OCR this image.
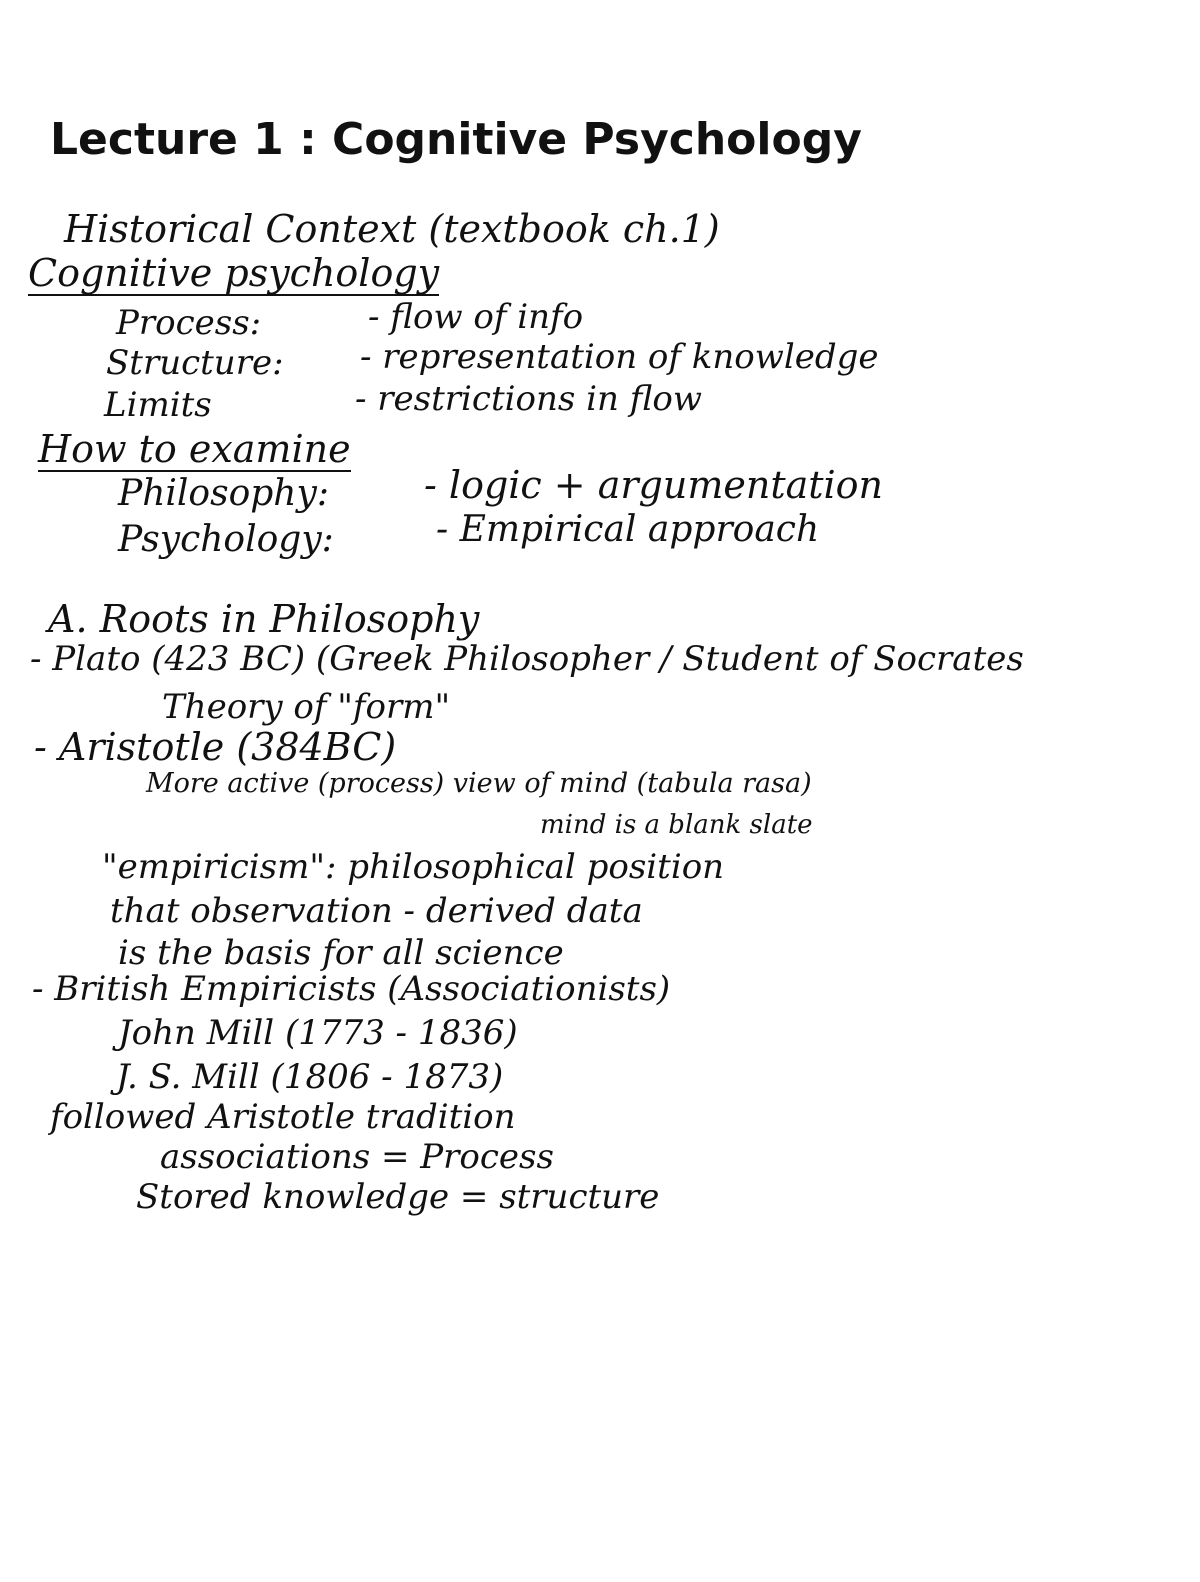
Lecture 1 : Cognitive Psychology
Historical Context (textbook ch.1)
Cognitive psychology
Process:	- flow of info
Structure: - representation of knowledge
Limits	- restrictions in flow
How to examine
Philosophy:	- logic + argumentation
Psychology:	- Empirical approach
A. Roots in Philosophy
- Plato (423 BC) (Greek Philosopher / Student of Socrates
Theory of "form"
- Aristotle (384BC)
More active (process) view of mind (tabula rasa)
mind is a blank slate
"empiricism": philosophical position
that observation - derived data
is the basis for all science
- British Empiricists (Associationists)
John Mill (1773 - 1836)
J. S. Mill (1806 - 1873)
followed Aristotle tradition
associations = Process
Stored knowledge = structure
